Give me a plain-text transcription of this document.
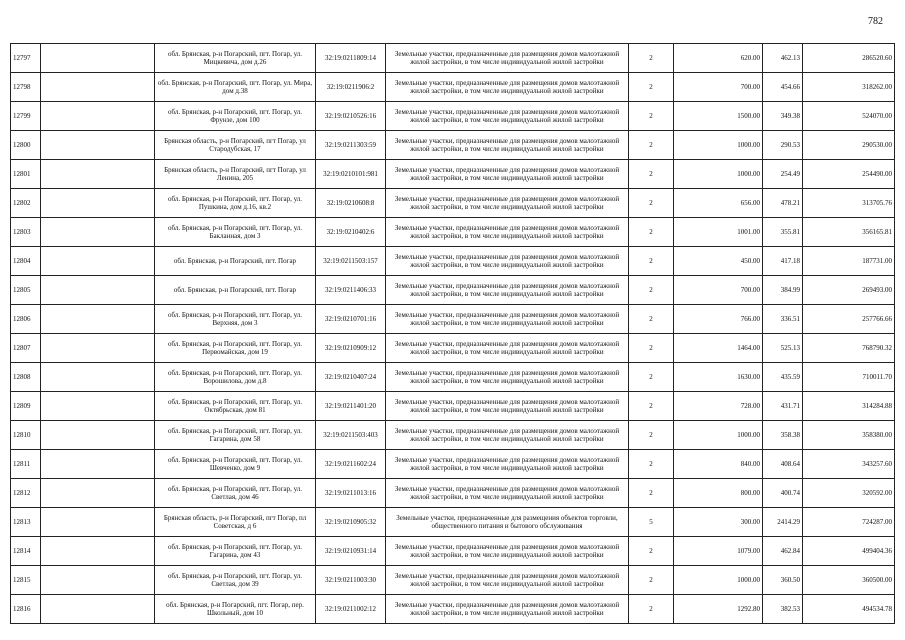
782
12797		обл. Брянская, р-н Погарский, пгт. Погар, ул. Мицкевича, дом д.26	32:19:0211809:14	Земельные участки, предназначенные для размещения домов малоэтажной жилой застройки, в том числе индивидуальной жилой застройки	2	620.00	462.13	286520.60
12798		обл. Брянская, р-н Погарский, пгт. Погар, ул. Мира, дом д.38	32:19:0211906:2	Земельные участки, предназначенные для размещения домов малоэтажной жилой застройки, в том числе индивидуальной жилой застройки	2	700.00	454.66	318262.00
12799		обл. Брянская, р-н Погарский, пгт. Погар, ул. Фрунзе, дом 100	32:19:0210526:16	Земельные участки, предназначенные для размещения домов малоэтажной жилой застройки, в том числе индивидуальной жилой застройки	2	1500.00	349.38	524070.00
12800		Брянская область, р-н Погарский, пгт Погар, ул Стародубская, 17	32:19:0211303:59	Земельные участки, предназначенные для размещения домов малоэтажной жилой застройки, в том числе индивидуальной жилой застройки	2	1000.00	290.53	290530.00
12801		Брянская область, р-н Погарский, пгт Погар, ул Ленина, 205	32:19:0210101:981	Земельные участки, предназначенные для размещения домов малоэтажной жилой застройки, в том числе индивидуальной жилой застройки	2	1000.00	254.49	254490.00
12802		обл. Брянская, р-н Погарский, пгт. Погар, ул. Пушкина, дом д.16, кв.2	32:19:0210608:8	Земельные участки, предназначенные для размещения домов малоэтажной жилой застройки, в том числе индивидуальной жилой застройки	2	656.00	478.21	313705.76
12803		обл. Брянская, р-н Погарский, пгт. Погар, ул. Бакланная, дом 3	32:19:0210402:6	Земельные участки, предназначенные для размещения домов малоэтажной жилой застройки, в том числе индивидуальной жилой застройки	2	1001.00	355.81	356165.81
12804		обл. Брянская, р-н Погарский, пгт. Погар	32:19:0211503:157	Земельные участки, предназначенные для размещения домов малоэтажной жилой застройки, в том числе индивидуальной жилой застройки	2	450.00	417.18	187731.00
12805		обл. Брянская, р-н Погарский, пгт. Погар	32:19:0211406:33	Земельные участки, предназначенные для размещения домов малоэтажной жилой застройки, в том числе индивидуальной жилой застройки	2	700.00	384.99	269493.00
12806		обл. Брянская, р-н Погарский, пгт. Погар, ул. Верхняя, дом 3	32:19:0210701:16	Земельные участки, предназначенные для размещения домов малоэтажной жилой застройки, в том числе индивидуальной жилой застройки	2	766.00	336.51	257766.66
12807		обл. Брянская, р-н Погарский, пгт. Погар, ул. Первомайская, дом 19	32:19:0210909:12	Земельные участки, предназначенные для размещения домов малоэтажной жилой застройки, в том числе индивидуальной жилой застройки	2	1464.00	525.13	768790.32
12808		обл. Брянская, р-н Погарский, пгт. Погар, ул. Ворошилова, дом д.8	32:19:0210407:24	Земельные участки, предназначенные для размещения домов малоэтажной жилой застройки, в том числе индивидуальной жилой застройки	2	1630.00	435.59	710011.70
12809		обл. Брянская, р-н Погарский, пгт. Погар, ул. Октябрьская, дом 81	32:19:0211401:20	Земельные участки, предназначенные для размещения домов малоэтажной жилой застройки, в том числе индивидуальной жилой застройки	2	728.00	431.71	314284.88
12810		обл. Брянская, р-н Погарский, пгт. Погар, ул. Гагарина, дом 58	32:19:0211503:403	Земельные участки, предназначенные для размещения домов малоэтажной жилой застройки, в том числе индивидуальной жилой застройки	2	1000.00	358.38	358380.00
12811		обл. Брянская, р-н Погарский, пгт. Погар, ул. Шевченко, дом 9	32:19:0211602:24	Земельные участки, предназначенные для размещения домов малоэтажной жилой застройки, в том числе индивидуальной жилой застройки	2	840.00	408.64	343257.60
12812		обл. Брянская, р-н Погарский, пгт. Погар, ул. Светлая, дом 46	32:19:0211013:16	Земельные участки, предназначенные для размещения домов малоэтажной жилой застройки, в том числе индивидуальной жилой застройки	2	800.00	400.74	320592.00
12813		Брянская область, р-н Погарский, пгт Погар, пл Советская, д 6	32:19:0210905:32	Земельные участки, предназначенные для размещения объектов торговли, общественного питания и бытового обслуживания	5	300.00	2414.29	724287.00
12814		обл. Брянская, р-н Погарский, пгт. Погар, ул. Гагарина, дом 43	32:19:0210931:14	Земельные участки, предназначенные для размещения домов малоэтажной жилой застройки, в том числе индивидуальной жилой застройки	2	1079.00	462.84	499404.36
12815		обл. Брянская, р-н Погарский, пгт. Погар, ул. Светлая, дом 39	32:19:0211003:30	Земельные участки, предназначенные для размещения домов малоэтажной жилой застройки, в том числе индивидуальной жилой застройки	2	1000.00	360.50	360500.00
12816		обл. Брянская, р-н Погарский, пгт. Погар, пер. Школьный, дом 10	32:19:0211002:12	Земельные участки, предназначенные для размещения домов малоэтажной жилой застройки, в том числе индивидуальной жилой застройки	2	1292.80	382.53	494534.78
